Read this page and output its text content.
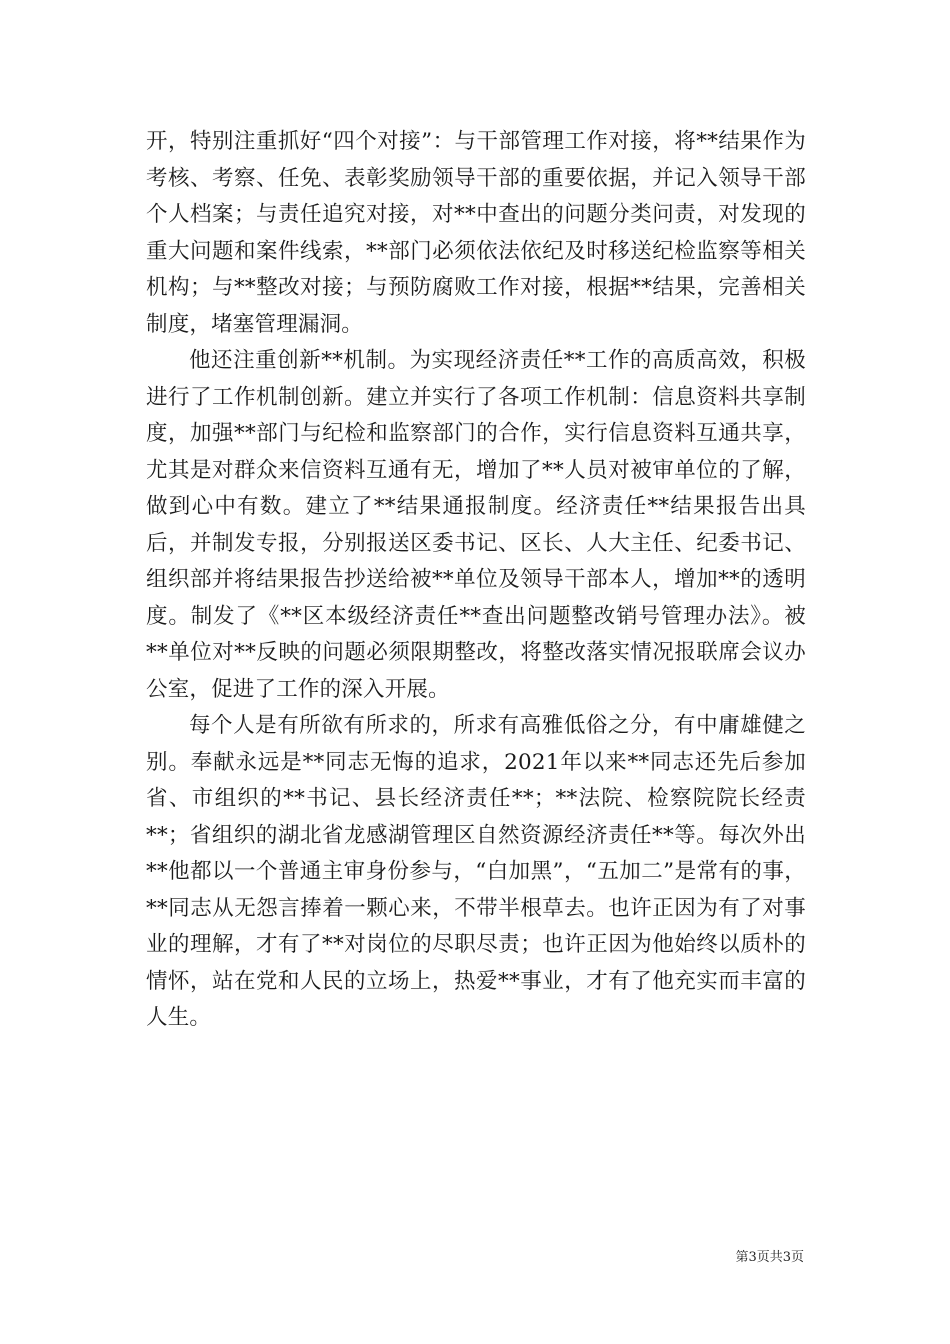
开，特别注重抓好“四个对接”：与干部管理工作对接，将**结果作为考核、考察、任免、表彰奖励领导干部的重要依据，并记入领导干部个人档案；与责任追究对接，对**中查出的问题分类问责，对发现的重大问题和案件线索，**部门必须依法依纪及时移送纪检监察等相关机构；与**整改对接；与预防腐败工作对接，根据**结果，完善相关制度，堵塞管理漏洞。

他还注重创新**机制。为实现经济责任**工作的高质高效，积极进行了工作机制创新。建立并实行了各项工作机制：信息资料共享制度，加强**部门与纪检和监察部门的合作，实行信息资料互通共享，尤其是对群众来信资料互通有无，增加了**人员对被审单位的了解，做到心中有数。建立了**结果通报制度。经济责任**结果报告出具后，并制发专报，分别报送区委书记、区长、人大主任、纪委书记、组织部并将结果报告抄送给被**单位及领导干部本人，增加**的透明度。制发了《**区本级经济责任**查出问题整改销号管理办法》。被**单位对**反映的问题必须限期整改，将整改落实情况报联席会议办公室，促进了工作的深入开展。

每个人是有所欲有所求的，所求有高雅低俗之分，有中庸雄健之别。奉献永远是**同志无悔的追求，2021年以来**同志还先后参加省、市组织的**书记、县长经济责任**；**法院、检察院院长经责**；省组织的湖北省龙感湖管理区自然资源经济责任**等。每次外出**他都以一个普通主审身份参与，“白加黑”，“五加二”是常有的事，**同志从无怨言捧着一颗心来，不带半根草去。也许正因为有了对事业的理解，才有了**对岗位的尽职尽责；也许正因为他始终以质朴的情怀，站在党和人民的立场上，热爱**事业，才有了他充实而丰富的人生。

第3页共3页
